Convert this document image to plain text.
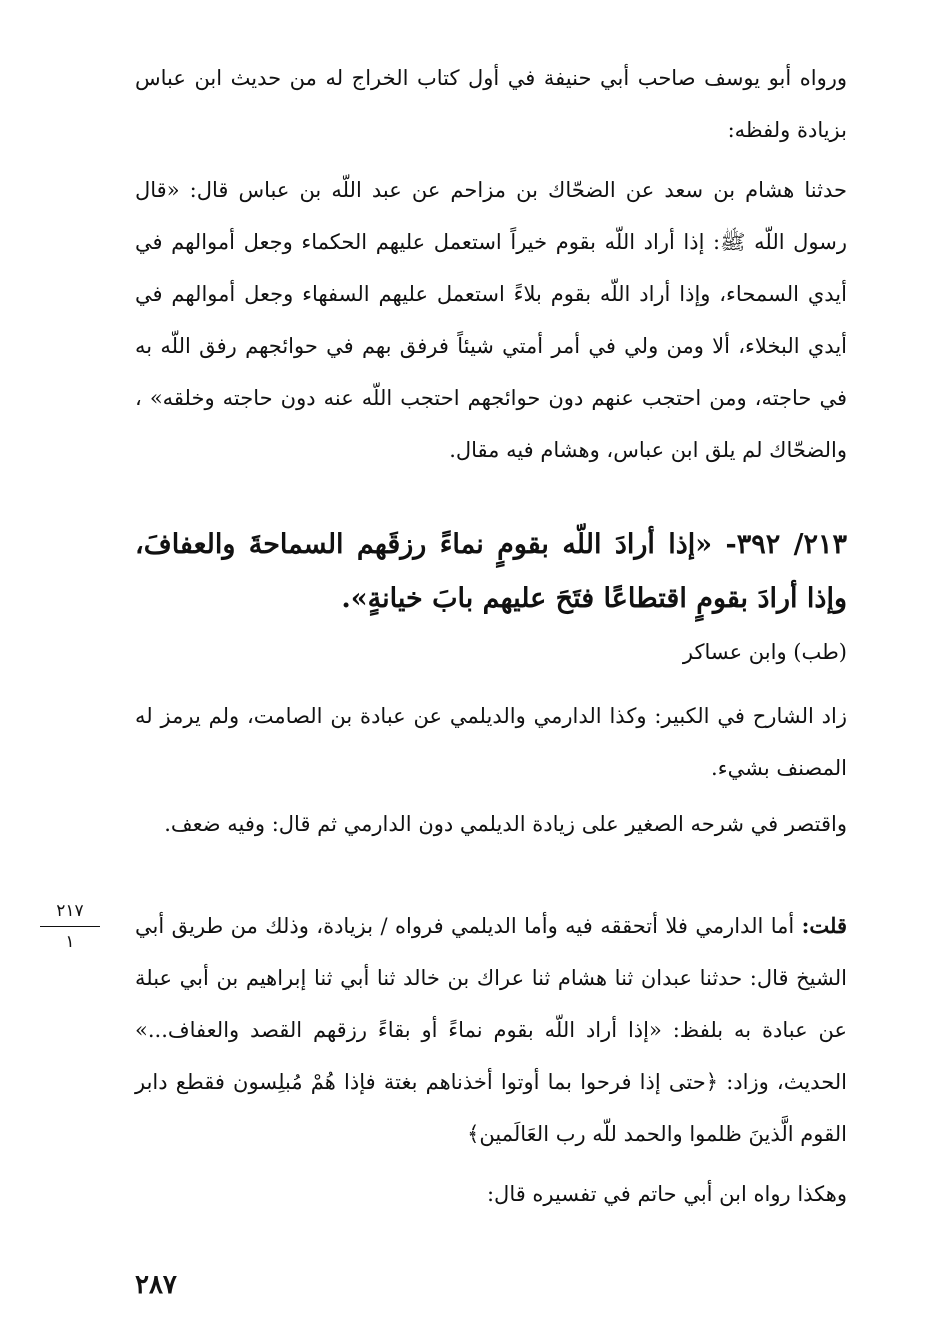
ورواه أبو يوسف صاحب أبي حنيفة في أول كتاب الخراج له من حديث ابن عباس بزيادة ولفظه:

حدثنا هشام بن سعد عن الضحّاك بن مزاحم عن عبد اللّه بن عباس قال: «قال رسول اللّه ﷺ: إذا أراد اللّه بقوم خيراً استعمل عليهم الحكماء وجعل أموالهم في أيدي السمحاء، وإذا أراد اللّه بقوم بلاءً استعمل عليهم السفهاء وجعل أموالهم في أيدي البخلاء، ألا ومن ولي في أمر أمتي شيئاً فرفق بهم في حوائجهم رفق اللّه به في حاجته، ومن احتجب عنهم دون حوائجهم احتجب اللّه عنه دون حاجته وخلقه» ، والضحّاك لم يلق ابن عباس، وهشام فيه مقال.

٢١٣/ ٣٩٢- «إذا أرادَ اللّه بقومٍ نماءً رزقَهم السماحةَ والعفافَ، وإذا أرادَ بقومٍ اقتطاعًا فتَحَ عليهم بابَ خيانةٍ».

(طب) وابن عساكر

زاد الشارح في الكبير: وكذا الدارمي والديلمي عن عبادة بن الصامت، ولم يرمز له المصنف بشيء.

واقتصر في شرحه الصغير على زيادة الديلمي دون الدارمي ثم قال: وفيه ضعف.

قلت: أما الدارمي فلا أتحققه فيه وأما الديلمي فرواه / بزيادة، وذلك من طريق أبي الشيخ قال: حدثنا عبدان ثنا هشام ثنا عراك بن خالد ثنا أبي ثنا إبراهيم بن أبي عبلة عن عبادة به بلفظ: «إذا أراد اللّه بقوم نماءً أو بقاءً رزقهم القصد والعفاف...» الحديث، وزاد: ﴿حتى إذا فرحوا بما أوتوا أخذناهم بغتة فإذا هُمْ مُبلِسون فقطع دابر القوم الَّذينَ ظلموا والحمد للّه رب العَالَمين﴾

وهكذا رواه ابن أبي حاتم في تفسيره قال:

٢١٧
١
٢٨٧
